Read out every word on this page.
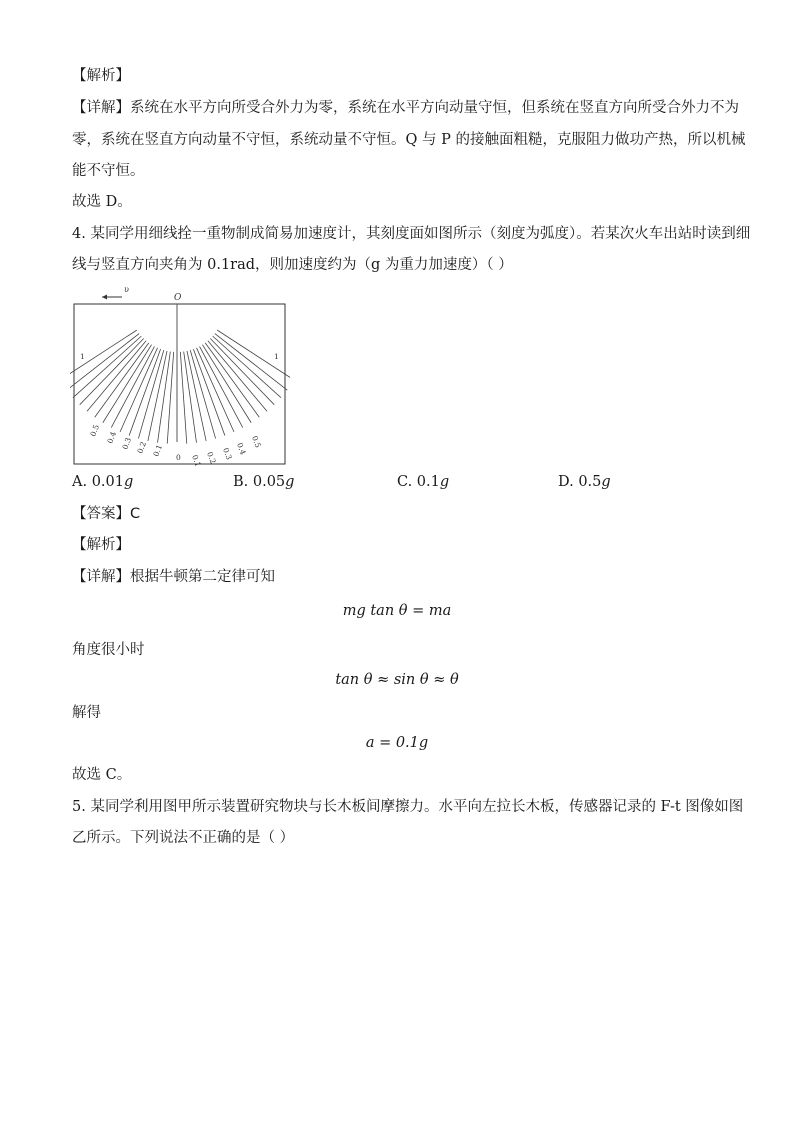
【解析】
【详解】系统在水平方向所受合外力为零，系统在水平方向动量守恒，但系统在竖直方向所受合外力不为
零，系统在竖直方向动量不守恒，系统动量不守恒。Q 与 P 的接触面粗糙，克服阻力做功产热，所以机械
能不守恒。
故选 D。
4. 某同学用细线拴一重物制成简易加速度计，其刻度面如图所示（刻度为弧度）。若某次火车出站时读到细
线与竖直方向夹角为 0.1rad，则加速度约为（g 为重力加速度）（ ）
υ
O
1
0.5 0.4 0.3 0.2 0.1 0 0.1 0.2 0.3 0.4 0.5
1
A. 0.01g	B. 0.05g	C. 0.1g	D. 0.5g
【答案】C
【解析】
【详解】根据牛顿第二定律可知
mg tan θ = ma
角度很小时
tan θ ≈ sin θ ≈ θ
解得
a = 0.1g
故选 C。
5. 某同学利用图甲所示装置研究物块与长木板间摩擦力。水平向左拉长木板，传感器记录的 F-t 图像如图
乙所示。下列说法不正确的是（ ）
